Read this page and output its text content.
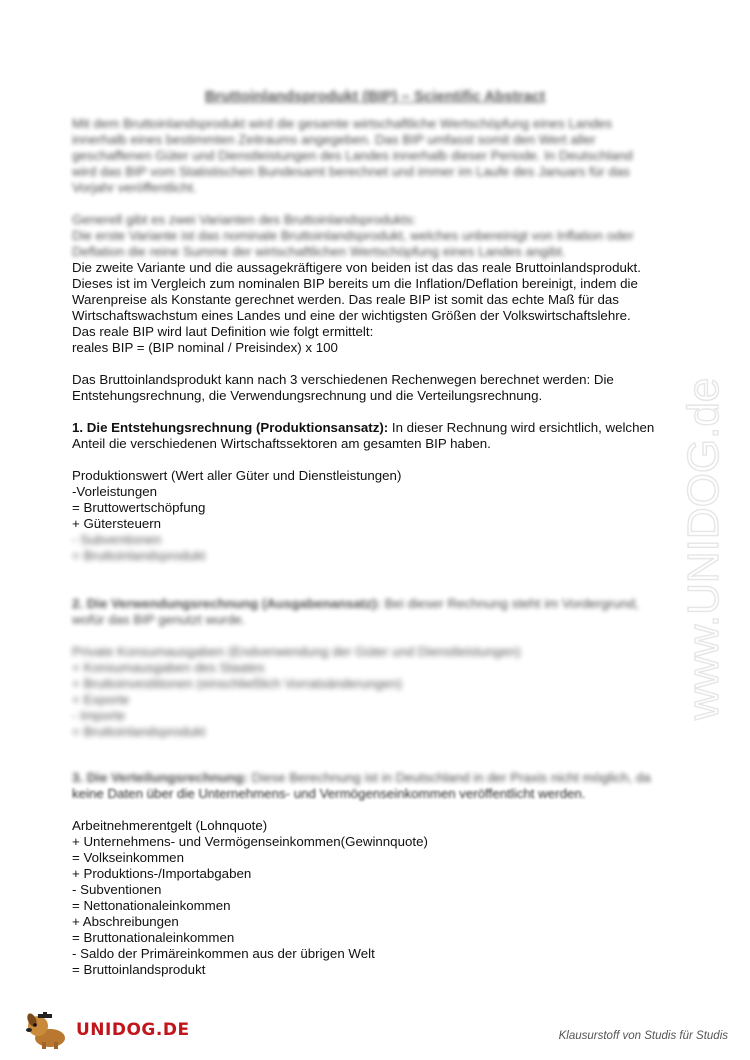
Bruttoinlandsprodukt (BIP) – Scientific Abstract
Mit dem Bruttoinlandsprodukt wird die gesamte wirtschaftliche Wertschöpfung eines Landes
innerhalb eines bestimmten Zeitraums angegeben. Das BIP umfasst somit den Wert aller
geschaffenen Güter und Dienstleistungen des Landes innerhalb dieser Periode. In Deutschland
wird das BIP vom Statistischen Bundesamt berechnet und immer im Laufe des Januars für das
Vorjahr veröffentlicht.
Generell gibt es zwei Varianten des Bruttoinlandsprodukts:
Die erste Variante ist das nominale Bruttoinlandsprodukt, welches unbereinigt von Inflation oder
Deflation die reine Summe der wirtschaftlichen Wertschöpfung eines Landes angibt.
Die zweite Variante und die aussagekräftigere von beiden ist das das reale Bruttoinlandsprodukt.
Dieses ist im Vergleich zum nominalen BIP bereits um die Inflation/Deflation bereinigt, indem die
Warenpreise als Konstante gerechnet werden. Das reale BIP ist somit das echte Maß für das
Wirtschaftswachstum eines Landes und eine der wichtigsten Größen der Volkswirtschaftslehre.
Das reale BIP wird laut Definition wie folgt ermittelt:
reales BIP = (BIP nominal / Preisindex) x 100
Das Bruttoinlandsprodukt kann nach 3 verschiedenen Rechenwegen berechnet werden: Die
Entstehungsrechnung, die Verwendungsrechnung und die Verteilungsrechnung.
1. Die Entstehungsrechnung (Produktionsansatz): In dieser Rechnung wird ersichtlich, welchen
Anteil die verschiedenen Wirtschaftssektoren am gesamten BIP haben.
Produktionswert (Wert aller Güter und Dienstleistungen)
-Vorleistungen
= Bruttowertschöpfung
+ Gütersteuern
- Subventionen
= Bruttoinlandsprodukt
2. Die Verwendungsrechnung (Ausgabenansatz): Bei dieser Rechnung steht im Vordergrund,
wofür das BIP genutzt wurde.
Private Konsumausgaben (Endverwendung der Güter und Dienstleistungen)
+ Konsumausgaben des Staates
+ Bruttoinvestitionen (einschließlich Vorratsänderungen)
+ Exporte
- Importe
= Bruttoinlandsprodukt
3. Die Verteilungsrechnung: Diese Berechnung ist in Deutschland in der Praxis nicht möglich, da
keine Daten über die Unternehmens- und Vermögenseinkommen veröffentlicht werden.
Arbeitnehmerentgelt (Lohnquote)
+ Unternehmens- und Vermögenseinkommen(Gewinnquote)
= Volkseinkommen
+ Produktions-/Importabgaben
- Subventionen
= Nettonationaleinkommen
+ Abschreibungen
= Bruttonationaleinkommen
- Saldo der Primäreinkommen aus der übrigen Welt
= Bruttoinlandsprodukt
www.UNIDOG.de
UNIDOG.DE	Klausurstoff von Studis für Studis
